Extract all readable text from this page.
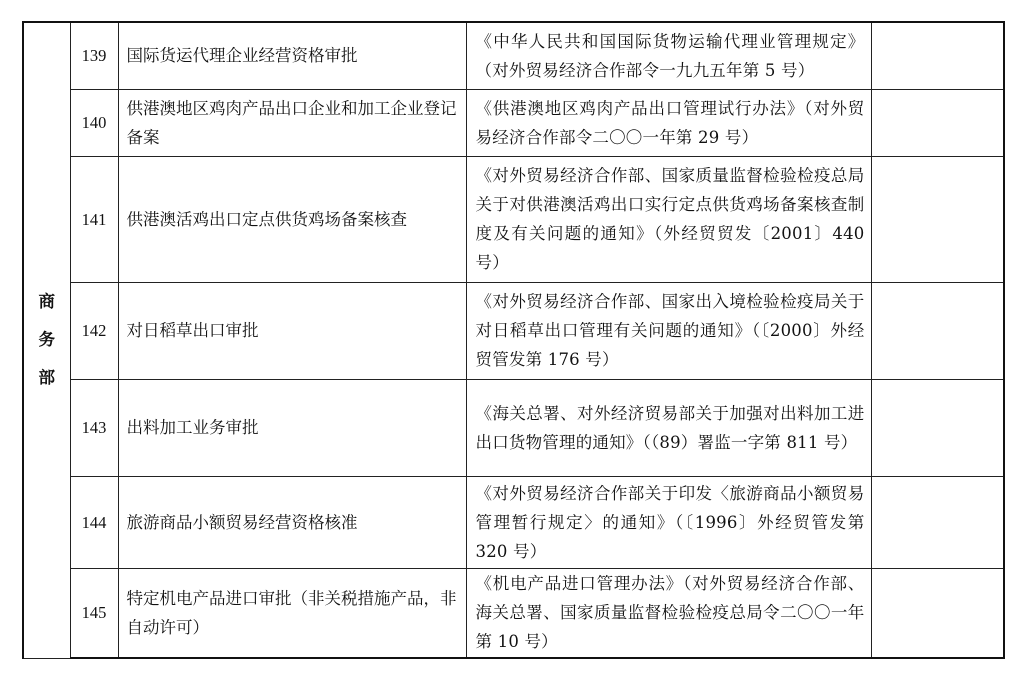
商务部	139	国际货运代理企业经营资格审批	《中华人民共和国国际货物运输代理业管理规定》（对外贸易经济合作部令一九九五年第 5 号）	
	140	供港澳地区鸡肉产品出口企业和加工企业登记备案	《供港澳地区鸡肉产品出口管理试行办法》（对外贸易经济合作部令二〇〇一年第 29 号）	
	141	供港澳活鸡出口定点供货鸡场备案核查	《对外贸易经济合作部、国家质量监督检验检疫总局关于对供港澳活鸡出口实行定点供货鸡场备案核查制度及有关问题的通知》（外经贸贸发〔2001〕440 号）	
	142	对日稻草出口审批	《对外贸易经济合作部、国家出入境检验检疫局关于对日稻草出口管理有关问题的通知》（〔2000〕外经贸管发第 176 号）	
	143	出料加工业务审批	《海关总署、对外经济贸易部关于加强对出料加工进出口货物管理的通知》（（89）署监一字第 811 号）	
	144	旅游商品小额贸易经营资格核准	《对外贸易经济合作部关于印发〈旅游商品小额贸易管理暂行规定〉的通知》（〔1996〕外经贸管发第 320 号）	
	145	特定机电产品进口审批（非关税措施产品，非自动许可）	《机电产品进口管理办法》（对外贸易经济合作部、海关总署、国家质量监督检验检疫总局令二〇〇一年第 10 号）	
